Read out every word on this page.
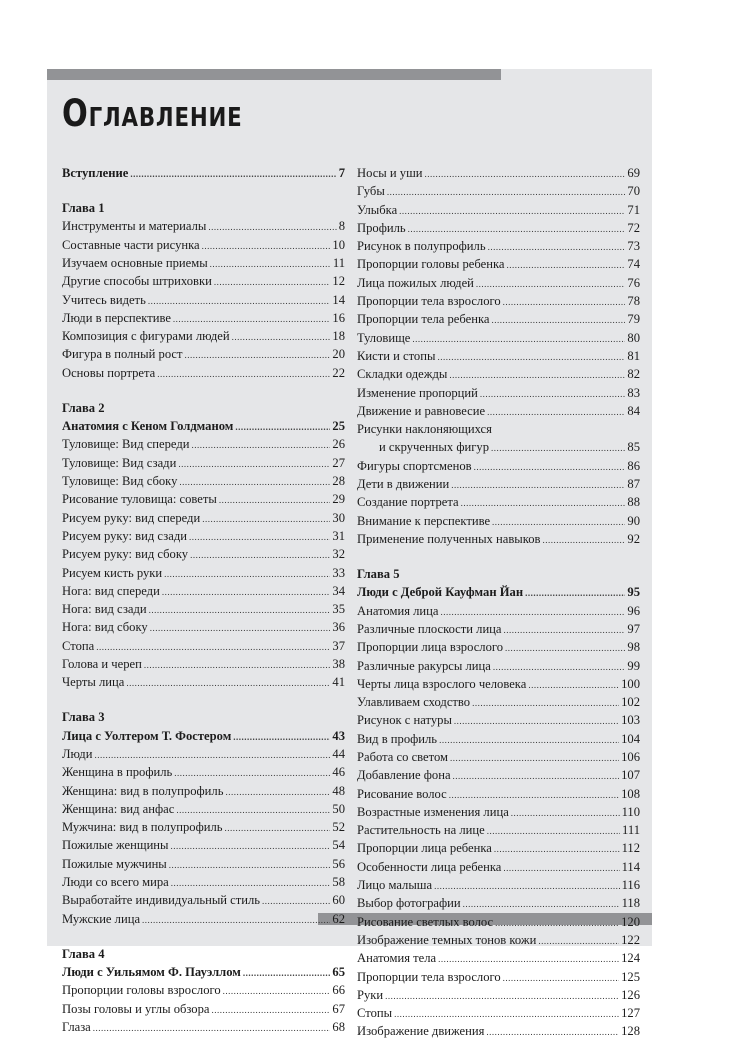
Оглавление
Вступление .....	7
Глава 1
Инструменты и материалы .....	8
Составные части рисунка .....	10
Изучаем основные приемы .....	11
Другие способы штриховки .....	12
Учитесь видеть .....	14
Люди в перспективе .....	16
Композиция с фигурами людей .....	18
Фигура в полный рост .....	20
Основы портрета .....	22
Глава 2
Анатомия с Кеном Голдманом .....	25
Туловище: Вид спереди .....	26
Туловище: Вид сзади .....	27
Туловище: Вид сбоку .....	28
Рисование туловища: советы .....	29
Рисуем руку: вид спереди .....	30
Рисуем руку: вид сзади .....	31
Рисуем руку: вид сбоку .....	32
Рисуем кисть руки .....	33
Нога: вид спереди .....	34
Нога: вид сзади .....	35
Нога: вид сбоку .....	36
Стопа .....	37
Голова и череп .....	38
Черты лица .....	41
Глава 3
Лица с Уолтером Т. Фостером .....	43
Люди .....	44
Женщина в профиль .....	46
Женщина: вид в полупрофиль .....	48
Женщина: вид анфас .....	50
Мужчина: вид в полупрофиль .....	52
Пожилые женщины .....	54
Пожилые мужчины .....	56
Люди со всего мира .....	58
Выработайте индивидуальный стиль .....	60
Мужские лица .....	62
Глава 4
Люди с Уильямом Ф. Пауэллом .....	65
Пропорции головы взрослого .....	66
Позы головы и углы обзора .....	67
Глаза .....	68
Носы и уши .....	69
Губы .....	70
Улыбка .....	71
Профиль .....	72
Рисунок в полупрофиль .....	73
Пропорции головы ребенка .....	74
Лица пожилых людей .....	76
Пропорции тела взрослого .....	78
Пропорции тела ребенка .....	79
Туловище .....	80
Кисти и стопы .....	81
Складки одежды .....	82
Изменение пропорций .....	83
Движение и равновесие .....	84
Рисунки наклоняющихся
и скрученных фигур .....	85
Фигуры спортсменов .....	86
Дети в движении .....	87
Создание портрета .....	88
Внимание к перспективе .....	90
Применение полученных навыков .....	92
Глава 5
Люди с Деброй Кауфман Йан .....	95
Анатомия лица .....	96
Различные плоскости лица .....	97
Пропорции лица взрослого .....	98
Различные ракурсы лица .....	99
Черты лица взрослого человека .....	100
Улавливаем сходство .....	102
Рисунок с натуры .....	103
Вид в профиль .....	104
Работа со светом .....	106
Добавление фона .....	107
Рисование волос .....	108
Возрастные изменения лица .....	110
Растительность на лице .....	111
Пропорции лица ребенка .....	112
Особенности лица ребенка .....	114
Лицо малыша .....	116
Выбор фотографии .....	118
Рисование светлых волос .....	120
Изображение темных тонов кожи .....	122
Анатомия тела .....	124
Пропорции тела взрослого .....	125
Руки .....	126
Стопы .....	127
Изображение движения .....	128
